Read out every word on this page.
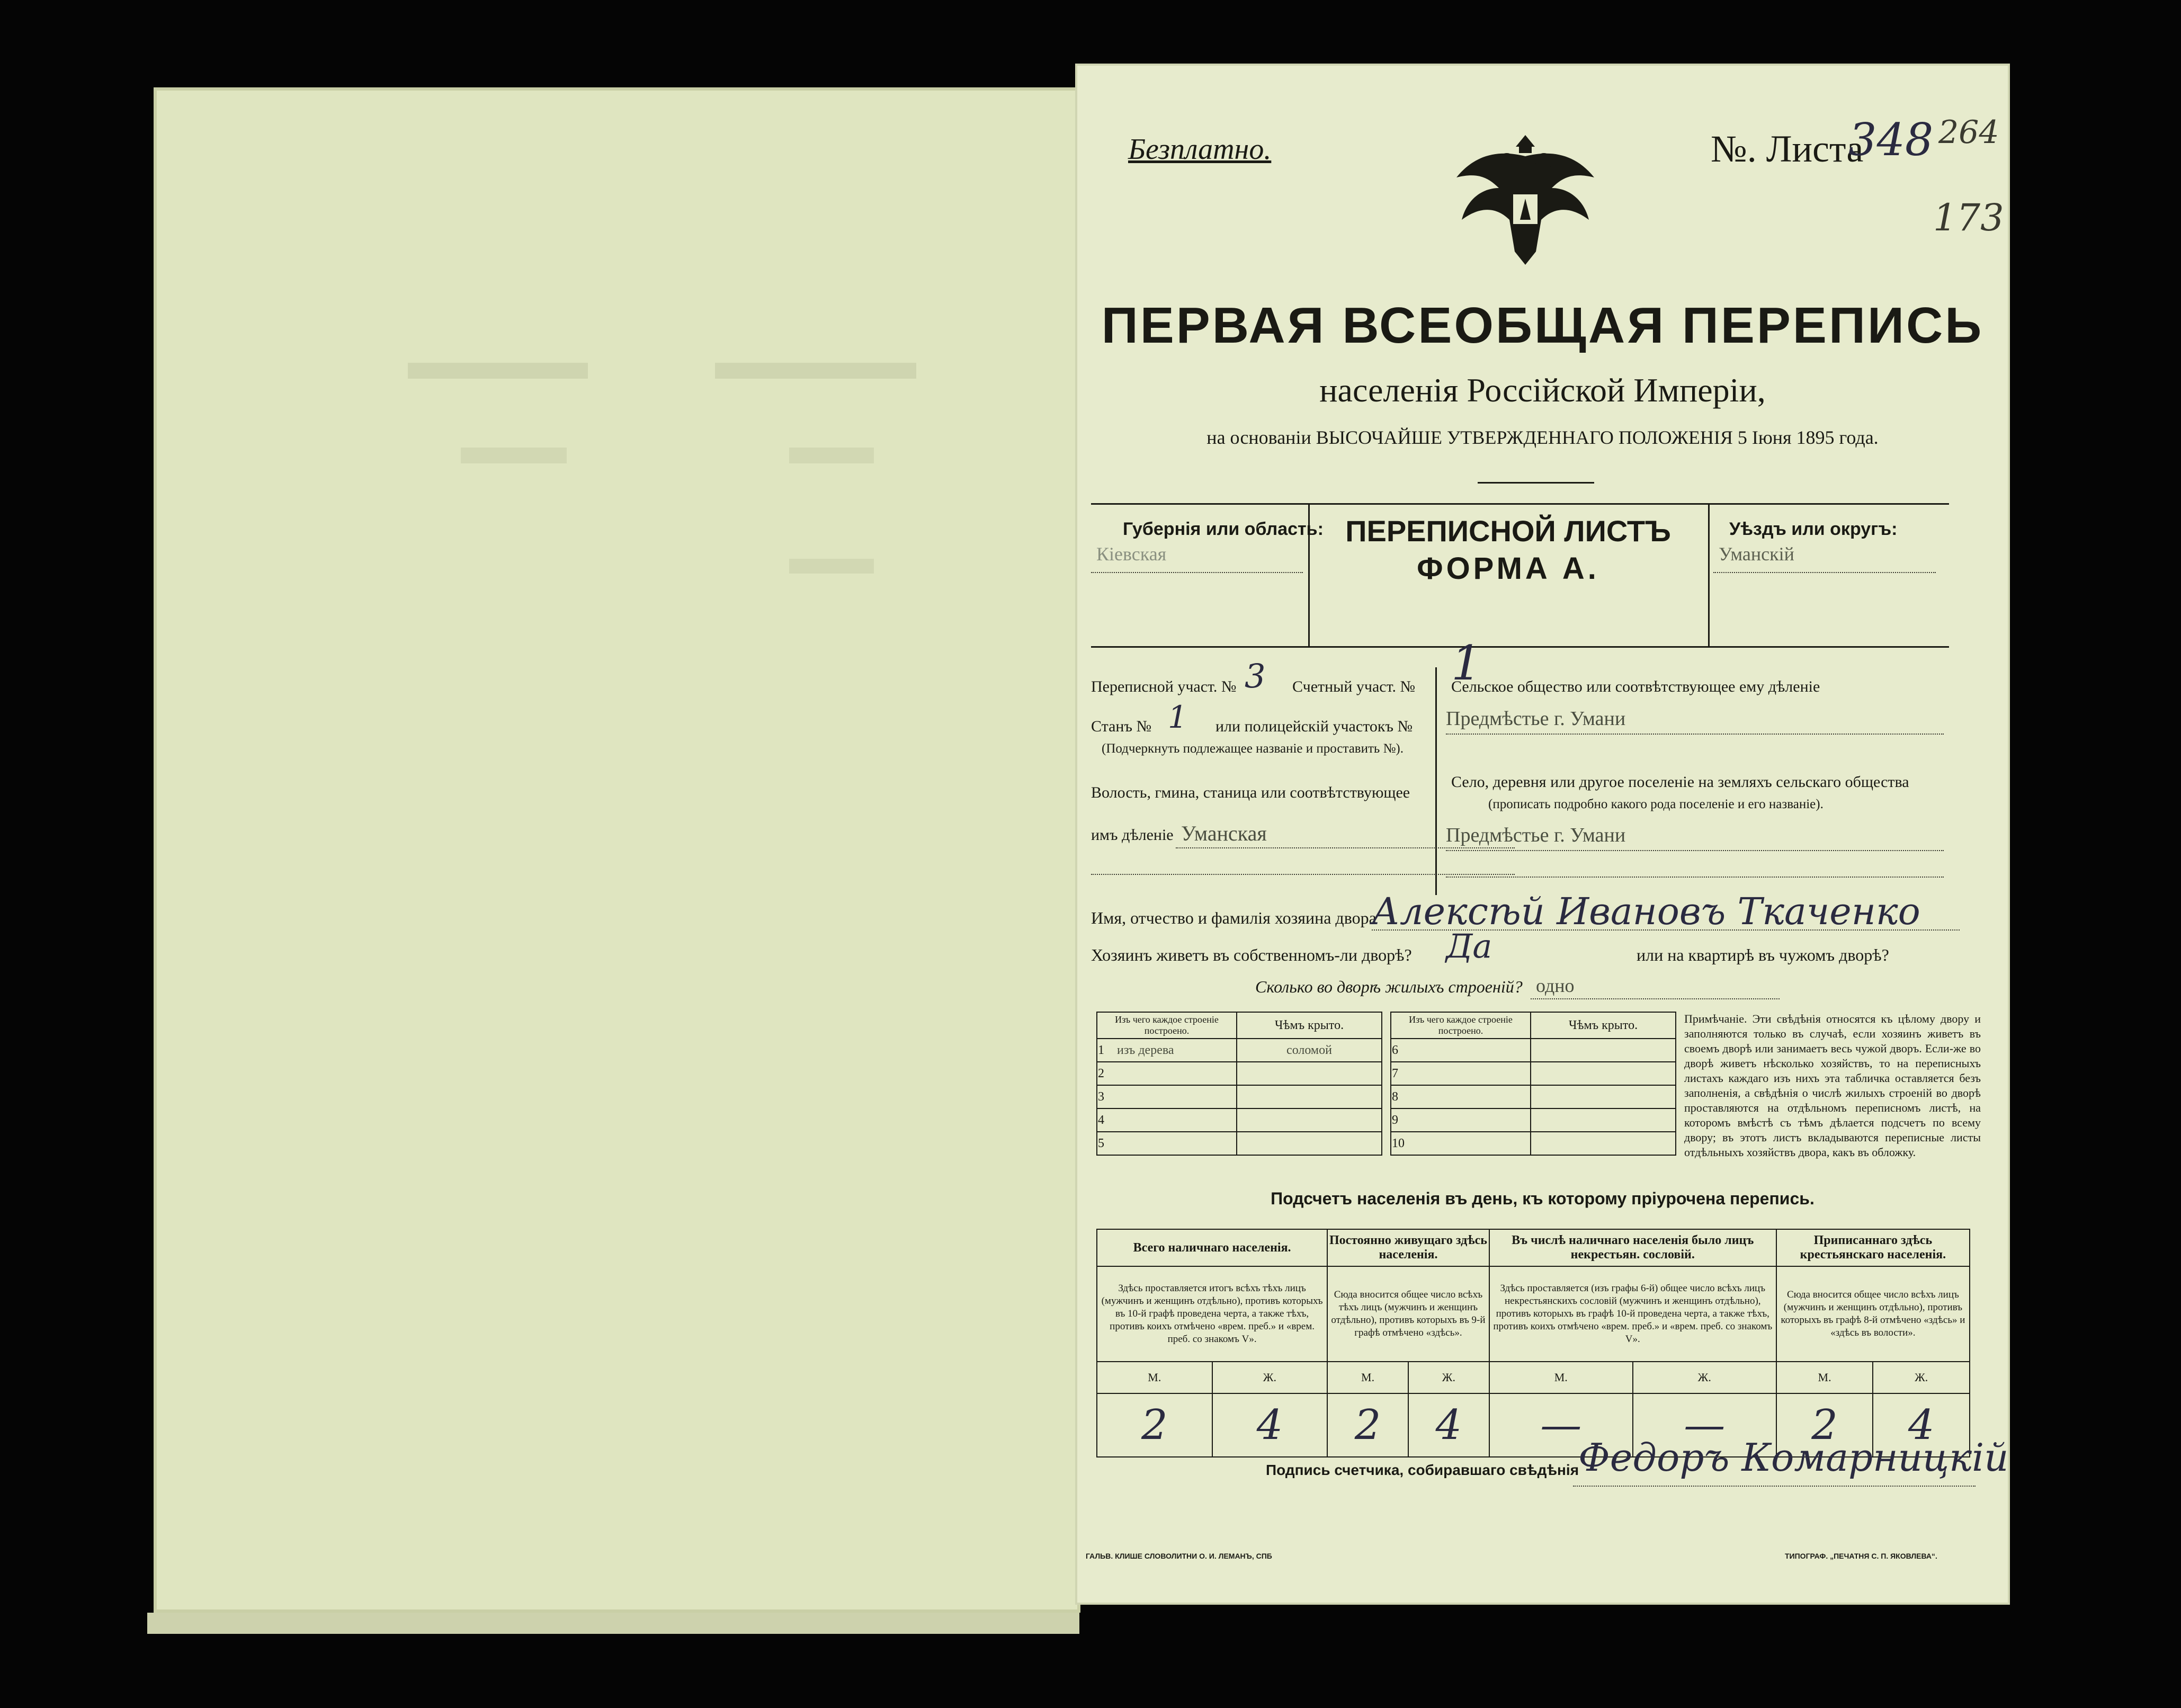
Безплатно.	№. Листа
348 264
173
ПЕРВАЯ ВСЕОБЩАЯ ПЕРЕПИСЬ
населенія Россійской Имперіи,
на основаніи ВЫСОЧАЙШЕ УТВЕРЖДЕННАГО ПОЛОЖЕНІЯ 5 Іюня 1895 года.
Губернія или область:
Кіевская
ПЕРЕПИСНОЙ ЛИСТЪ
ФОРМА А.
Уѣздъ или округъ:
Уманскій
Переписной участ. № 3 Счетный участ. № 1
Станъ № 1 или полицейскій участокъ №
(Подчеркнуть подлежащее названіе и проставить №).
Волость, гмина, станица или соотвѣтствующее
имъ дѣленіе Уманская
Сельское общество или соотвѣтствующее ему дѣленіе
Предмѣстье г. Умани
Село, деревня или другое поселеніе на земляхъ сельскаго общества
(прописать подробно какого рода поселеніе и его названіе).
Предмѣстье г. Умани
Имя, отчество и фамилія хозяина двора
Алексѣй Ивановъ Ткаченко
Хозяинъ живетъ въ собственномъ-ли дворѣ? Да	или на квартирѣ въ чужомъ дворѣ?
Сколько во дворѣ жилыхъ строеній? одно
Изъ чего каждое строеніе построено.	Чѣмъ крыто.
1 изъ дерева	соломой
2	
3	
4	
5	
Изъ чего каждое строеніе построено.	Чѣмъ крыто.
6	
7	
8	
9	
10	
Примѣчаніе. Эти свѣдѣнія относятся къ цѣлому двору и заполняются только въ случаѣ, если хозяинъ живетъ въ своемъ дворѣ или занимаетъ весь чужой дворъ. Если-же во дворѣ живетъ нѣсколько хозяйствъ, то на переписныхъ листахъ каждаго изъ нихъ эта табличка оставляется безъ заполненія, а свѣдѣнія о числѣ жилыхъ строеній во дворѣ проставляются на отдѣльномъ переписномъ листѣ, на которомъ вмѣстѣ съ тѣмъ дѣлается подсчетъ по всему двору; въ этотъ листъ вкладываются переписные листы отдѣльныхъ хозяйствъ двора, какъ въ обложку.
Подсчетъ населенія въ день, къ которому пріурочена перепись.
Всего наличнаго населенія.		Постоянно живущаго здѣсь населенія.		Въ числѣ наличнаго населенія было лицъ некрестьян. сословій.		Приписаннаго здѣсь крестьянскаго населенія.	
Здѣсь проставляется итогъ всѣхъ тѣхъ лицъ (мужчинъ и женщинъ отдѣльно), противъ которыхъ въ 10-й графѣ проведена черта, а также тѣхъ, противъ коихъ отмѣчено «врем. преб.» и «врем. преб. со знакомъ V».		Сюда вносится общее число всѣхъ тѣхъ лицъ (мужчинъ и женщинъ отдѣльно), противъ которыхъ въ 9-й графѣ отмѣчено «здѣсь».		Здѣсь проставляется (изъ графы 6-й) общее число всѣхъ лицъ некрестьянскихъ сословій (мужчинъ и женщинъ отдѣльно), противъ которыхъ въ графѣ 10-й проведена черта, а также тѣхъ, противъ коихъ отмѣчено «врем. преб.» и «врем. преб. со знакомъ V».		Сюда вносится общее число всѣхъ лицъ (мужчинъ и женщинъ отдѣльно), противъ которыхъ въ графѣ 8-й отмѣчено «здѣсь» и «здѣсь въ волости».	
М.	Ж.	М.	Ж.	М.	Ж.	М.	Ж.
2	4	2	4	—	—	2	4
Подпись счетчика, собиравшаго свѣдѣнія
Федоръ Комарницкій
ГАЛЬВ. КЛИШЕ СЛОВОЛИТНИ О. И. ЛЕМАНЪ, СПБ	ТИПОГРАФ. „ПЕЧАТНЯ С. П. ЯКОВЛЕВА“.
